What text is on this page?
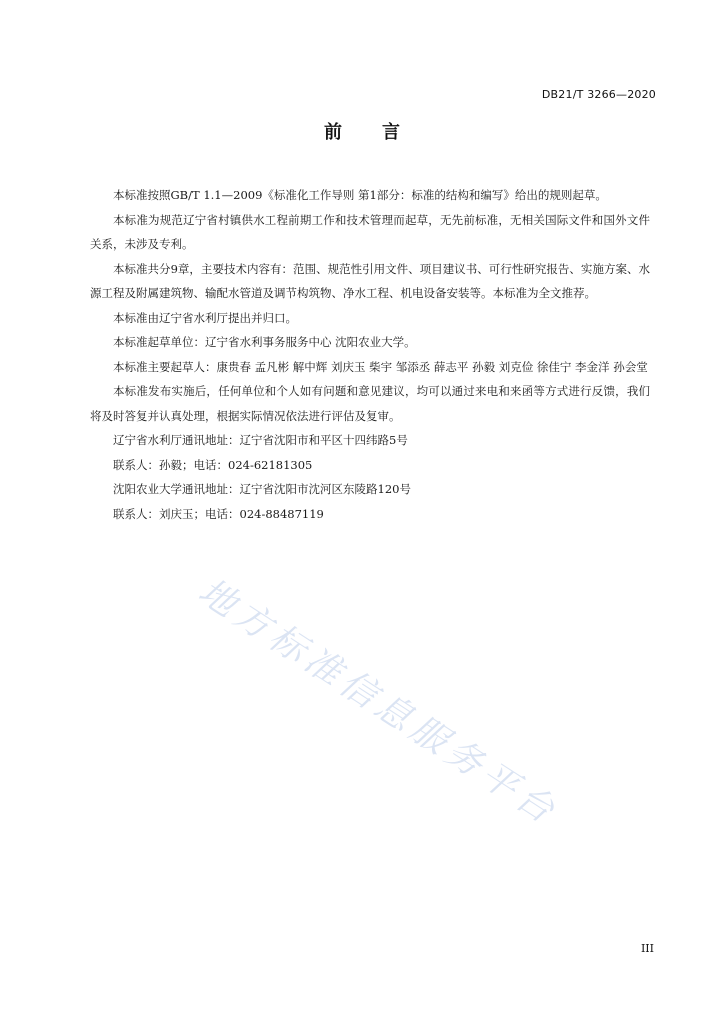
DB21/T 3266—2020
前言

本标准按照GB/T 1.1—2009《标准化工作导则 第1部分：标准的结构和编写》给出的规则起草。

本标准为规范辽宁省村镇供水工程前期工作和技术管理而起草，无先前标准，无相关国际文件和国外文件关系，未涉及专利。

本标准共分9章，主要技术内容有：范围、规范性引用文件、项目建议书、可行性研究报告、实施方案、水源工程及附属建筑物、输配水管道及调节构筑物、净水工程、机电设备安装等。本标准为全文推荐。

本标准由辽宁省水利厅提出并归口。

本标准起草单位：辽宁省水利事务服务中心 沈阳农业大学。

本标准主要起草人：康贵春 孟凡彬 解中辉 刘庆玉 柴宇 邹添丞 薛志平 孙毅 刘克俭 徐佳宁 李金洋 孙会堂

本标准发布实施后，任何单位和个人如有问题和意见建议，均可以通过来电和来函等方式进行反馈，我们将及时答复并认真处理，根据实际情况依法进行评估及复审。

辽宁省水利厅通讯地址：辽宁省沈阳市和平区十四纬路5号

联系人：孙毅；电话：024-62181305

沈阳农业大学通讯地址：辽宁省沈阳市沈河区东陵路120号

联系人：刘庆玉；电话：024-88487119

地方标准信息服务平台
III
